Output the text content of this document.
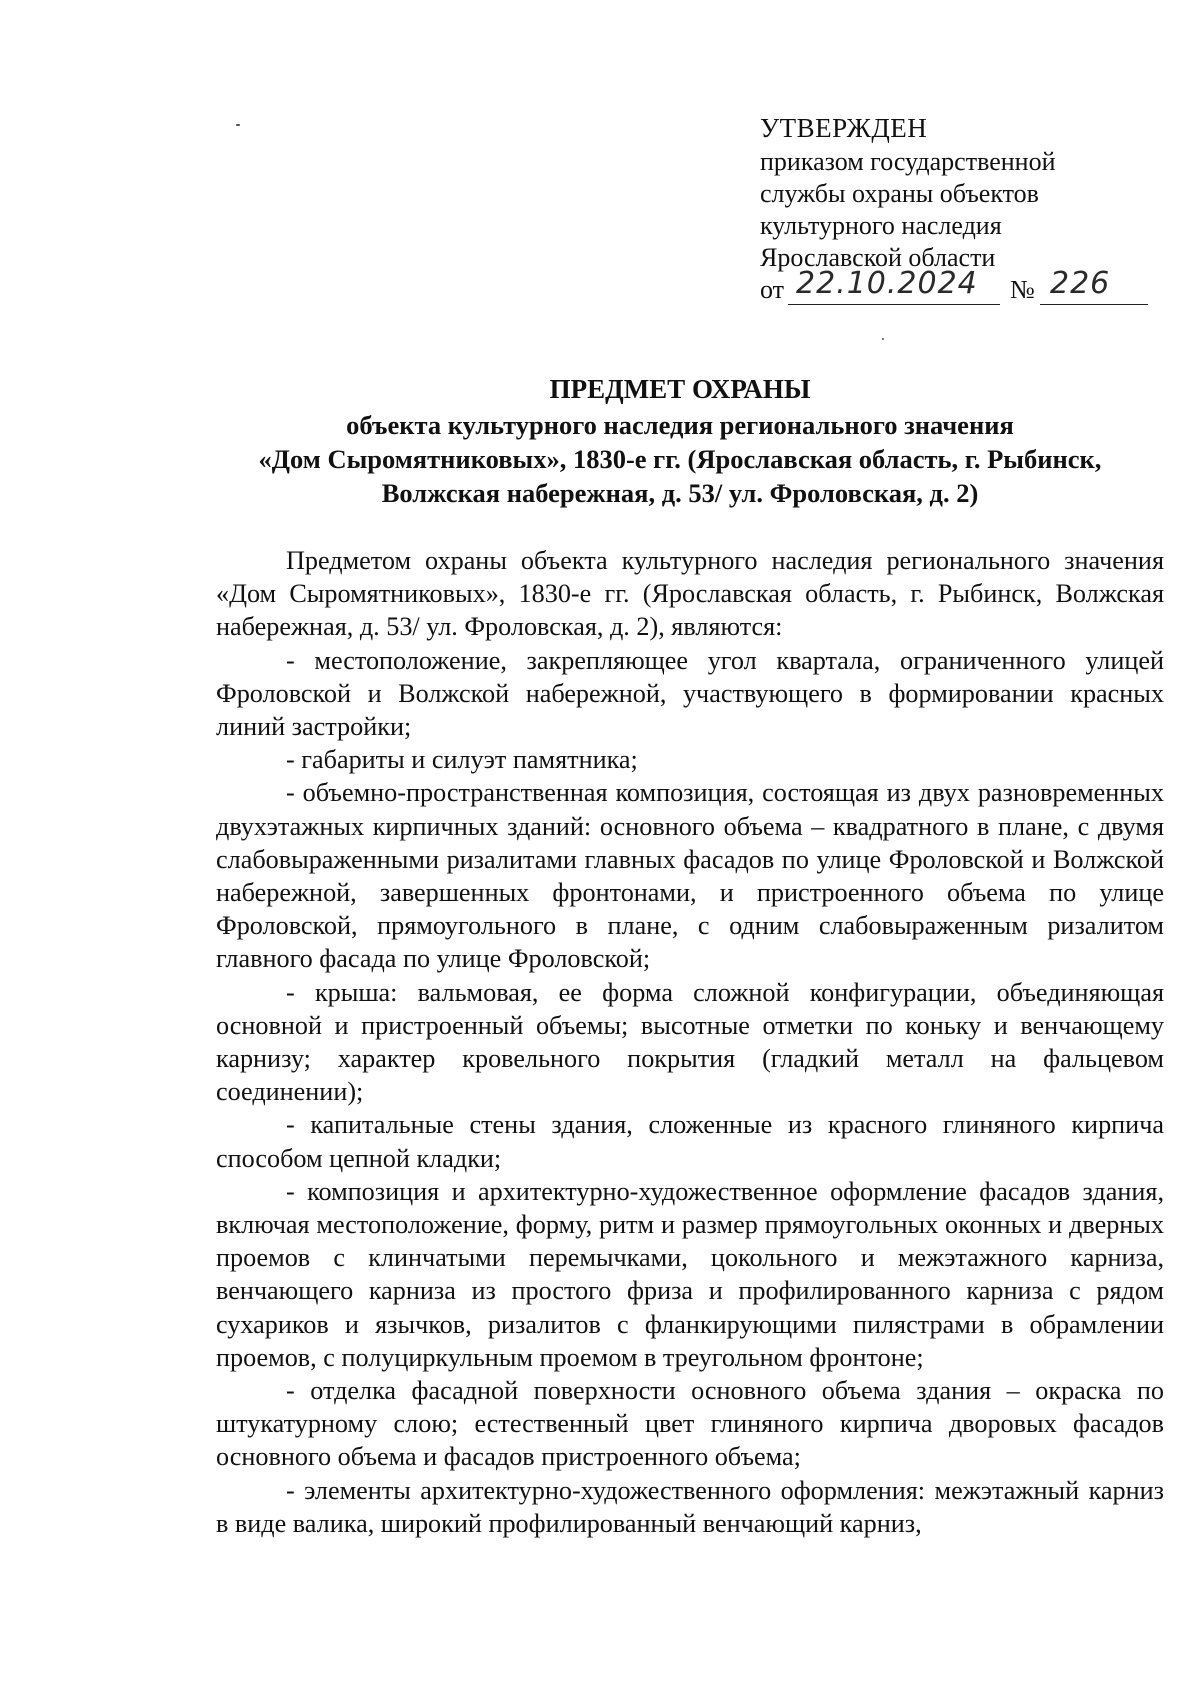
УТВЕРЖДЕН
приказом государственной
службы охраны объектов
культурного наследия
Ярославской области
от 22.10.2024 № 226
ПРЕДМЕТ ОХРАНЫ
объекта культурного наследия регионального значения
«Дом Сыромятниковых», 1830-е гг. (Ярославская область, г. Рыбинск,
Волжская набережная, д. 53/ ул. Фроловская, д. 2)

Предметом охраны объекта культурного наследия регионального значения «Дом Сыромятниковых», 1830-е гг. (Ярославская область, г. Рыбинск, Волжская набережная, д. 53/ ул. Фроловская, д. 2), являются:

- местоположение, закрепляющее угол квартала, ограниченного улицей Фроловской и Волжской набережной, участвующего в формировании красных линий застройки;

- габариты и силуэт памятника;

- объемно-пространственная композиция, состоящая из двух разновременных двухэтажных кирпичных зданий: основного объема – квадратного в плане, с двумя слабовыраженными ризалитами главных фасадов по улице Фроловской и Волжской набережной, завершенных фронтонами, и пристроенного объема по улице Фроловской, прямоугольного в плане, с одним слабовыраженным ризалитом главного фасада по улице Фроловской;

- крыша: вальмовая, ее форма сложной конфигурации, объединяющая основной и пристроенный объемы; высотные отметки по коньку и венчающему карнизу; характер кровельного покрытия (гладкий металл на фальцевом соединении);

- капитальные стены здания, сложенные из красного глиняного кирпича способом цепной кладки;

- композиция и архитектурно-художественное оформление фасадов здания, включая местоположение, форму, ритм и размер прямоугольных оконных и дверных проемов с клинчатыми перемычками, цокольного и межэтажного карниза, венчающего карниза из простого фриза и профилированного карниза с рядом сухариков и язычков, ризалитов с фланкирующими пилястрами в обрамлении проемов, с полуциркульным проемом в треугольном фронтоне;

- отделка фасадной поверхности основного объема здания – окраска по штукатурному слою; естественный цвет глиняного кирпича дворовых фасадов основного объема и фасадов пристроенного объема;

- элементы архитектурно-художественного оформления: межэтажный карниз в виде валика, широкий профилированный венчающий карниз,
